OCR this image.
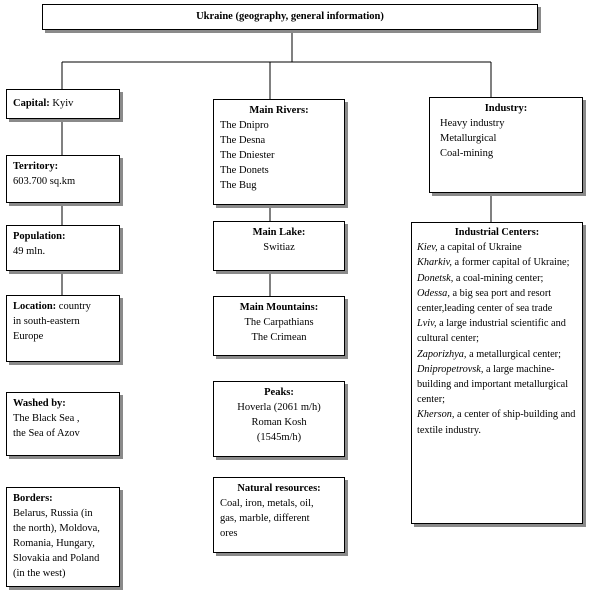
Ukraine (geography, general information)
Capital: Kyiv
Territory:
603.700 sq.km
Population:
49 mln.
Location: country
in south-eastern
Europe
Washed by:
The Black Sea ,
the Sea of Azov
Borders:
Belarus, Russia (in
the north), Moldova,
Romania, Hungary,
Slovakia and Poland
(in the west)
Main Rivers:
The Dnipro
The Desna
The Dniester
The Donets
The Bug
Main Lake:
Switiaz
Main Mountains:
The Carpathians
The Crimean
Peaks:
Hoverla (2061 m/h)
Roman Kosh
(1545m/h)
Natural resources:
Coal, iron, metals, oil,
gas, marble, different
ores
Industry:
Heavy industry
Metallurgical
Coal-mining
Industrial Centers:
Kiev, a capital of Ukraine
Kharkiv, a former capital of Ukraine;
Donetsk, a coal-mining center;
Odessa, a big sea port and resort center,leading center of sea trade
Lviv, a large industrial scientific and cultural center;
Zaporizhya, a metallurgical center;
Dnipropetrovsk, a large machine-building and important metallurgical center;
Kherson, a center of ship-building and textile industry.
